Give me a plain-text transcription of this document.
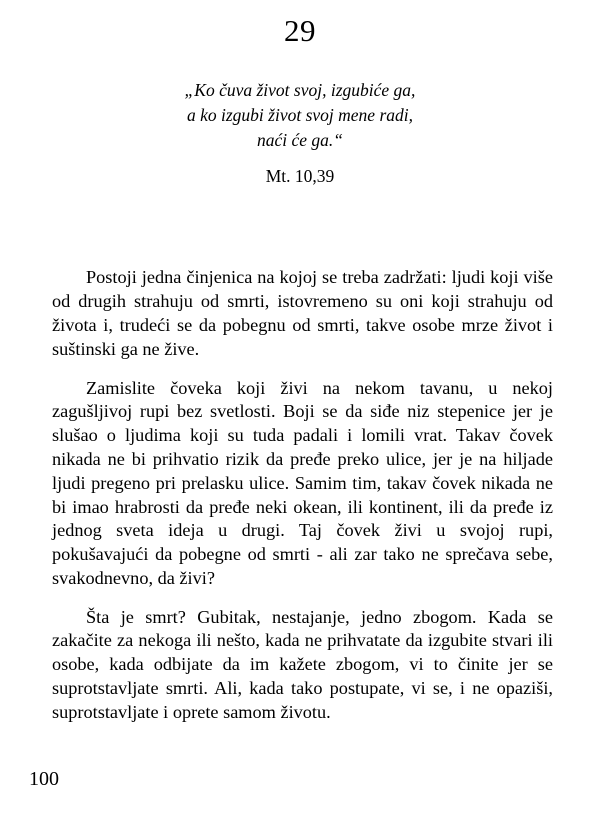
29
„Ko čuva život svoj, izgubiće ga,
a ko izgubi život svoj mene radi,
naći će ga.“
Mt. 10,39

Postoji jedna činjenica na kojoj se treba zadržati: ljudi koji više od drugih strahuju od smrti, istovremeno su oni koji strahuju od života i, trudeći se da pobegnu od smrti, takve osobe mrze život i suštinski ga ne žive.

Zamislite čoveka koji živi na nekom tavanu, u nekoj zagušljivoj rupi bez svetlosti. Boji se da siđe niz stepenice jer je slušao o ljudima koji su tuda padali i lomili vrat. Takav čovek nikada ne bi prihvatio rizik da pređe preko ulice, jer je na hiljade ljudi pregeno pri prelasku ulice. Samim tim, takav čovek nikada ne bi imao hrabrosti da pređe neki okean, ili kontinent, ili da pređe iz jednog sveta ideja u drugi. Taj čovek živi u svojoj rupi, pokušavajući da pobegne od smrti - ali zar tako ne sprečava sebe, svakodnevno, da živi?

Šta je smrt? Gubitak, nestajanje, jedno zbogom. Kada se zakačite za nekoga ili nešto, kada ne prihvatate da izgubite stvari ili osobe, kada odbijate da im kažete zbogom, vi to činite jer se suprotstavljate smrti. Ali, kada tako postupate, vi se, i ne opaziši, suprotstavljate i oprete samom životu.

100
